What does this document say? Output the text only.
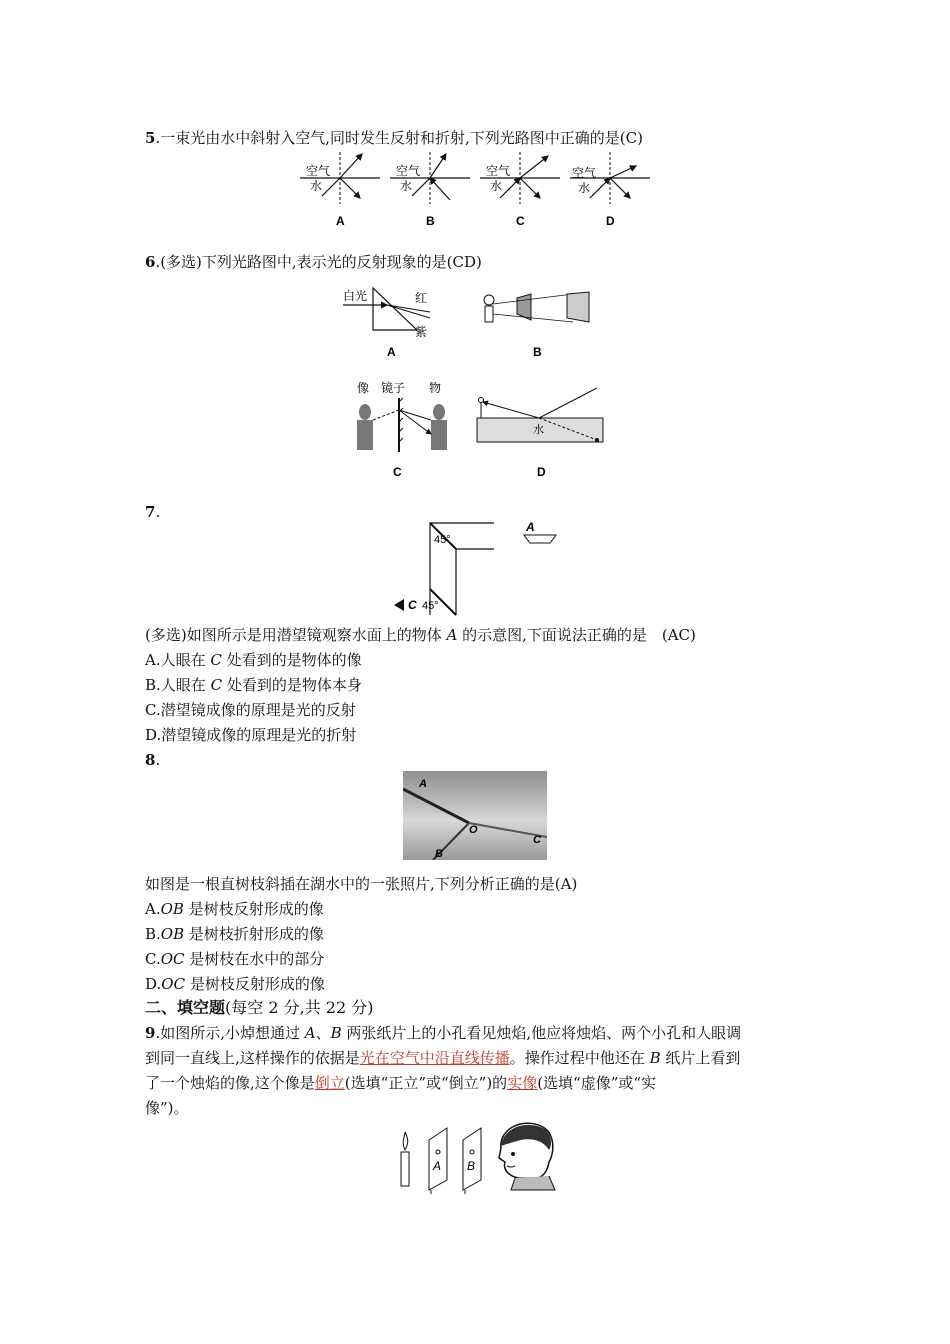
5.一束光由水中斜射入空气,同时发生反射和折射,下列光路图中正确的是(C)
空气
水
A
空气
水
B
空气
水
C
空气
水
D
6.(多选)下列光路图中,表示光的反射现象的是(CD)
白光	红
紫
A	B
像 镜子 物
C
水
D
7.
45°
45°
C
A
(多选)如图所示是用潜望镜观察水面上的物体 A 的示意图,下面说法正确的是　(AC)
A.人眼在 C 处看到的是物体的像
B.人眼在 C 处看到的是物体本身
C.潜望镜成像的原理是光的反射
D.潜望镜成像的原理是光的折射
8.
A
O
B
C
如图是一根直树枝斜插在湖水中的一张照片,下列分析正确的是(A)
A.OB 是树枝反射形成的像
B.OB 是树枝折射形成的像
C.OC 是树枝在水中的部分
D.OC 是树枝反射形成的像
二、填空题(每空 2 分,共 22 分)
9.如图所示,小焯想通过 A、B 两张纸片上的小孔看见烛焰,他应将烛焰、两个小孔和人眼调
到同一直线上,这样操作的依据是光在空气中沿直线传播。操作过程中他还在 B 纸片上看到
了一个烛焰的像,这个像是倒立(选填“正立”或“倒立”)的实像(选填“虚像”或“实
像”)。
A B
